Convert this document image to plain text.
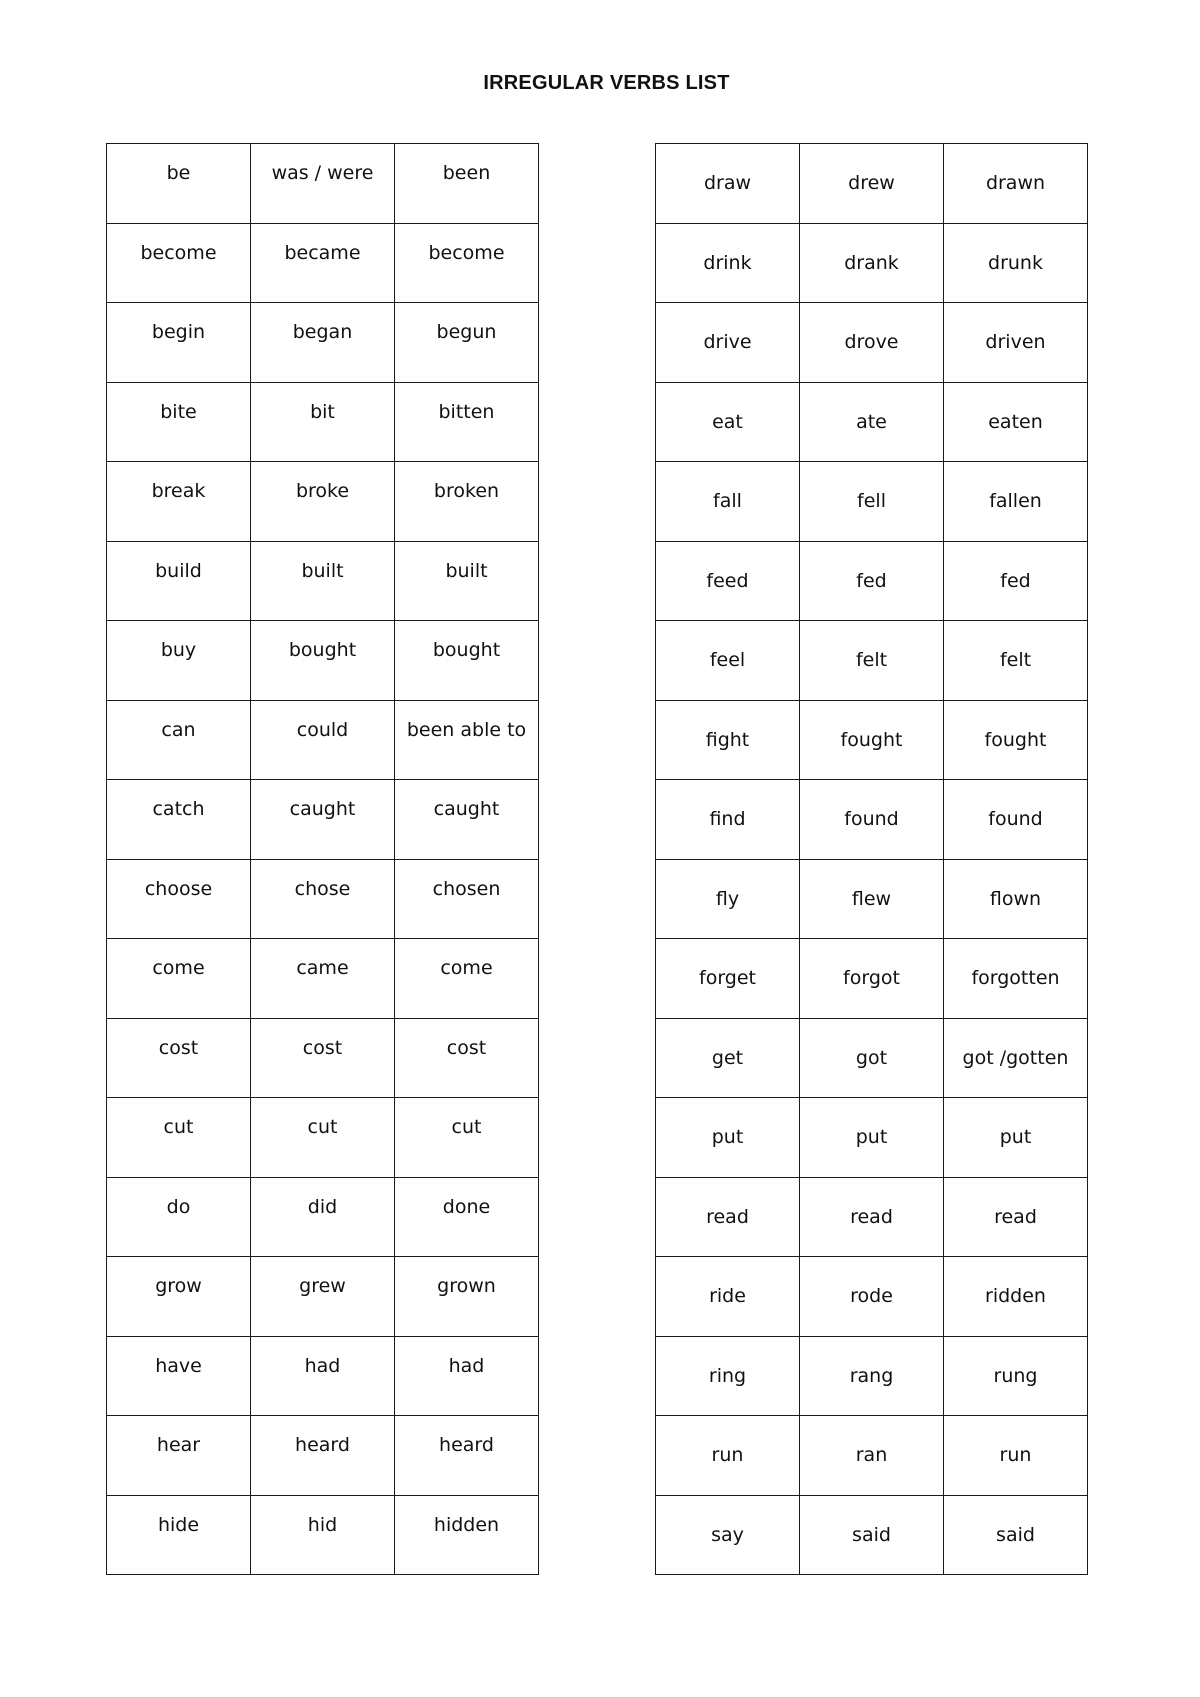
IRREGULAR VERBS LIST
be	was / were	been
become	became	become
begin	began	begun
bite	bit	bitten
break	broke	broken
build	built	built
buy	bought	bought
can	could	been able to
catch	caught	caught
choose	chose	chosen
come	came	come
cost	cost	cost
cut	cut	cut
do	did	done
grow	grew	grown
have	had	had
hear	heard	heard
hide	hid	hidden
draw	drew	drawn
drink	drank	drunk
drive	drove	driven
eat	ate	eaten
fall	fell	fallen
feed	fed	fed
feel	felt	felt
fight	fought	fought
find	found	found
fly	flew	flown
forget	forgot	forgotten
get	got	got /gotten
put	put	put
read	read	read
ride	rode	ridden
ring	rang	rung
run	ran	run
say	said	said
